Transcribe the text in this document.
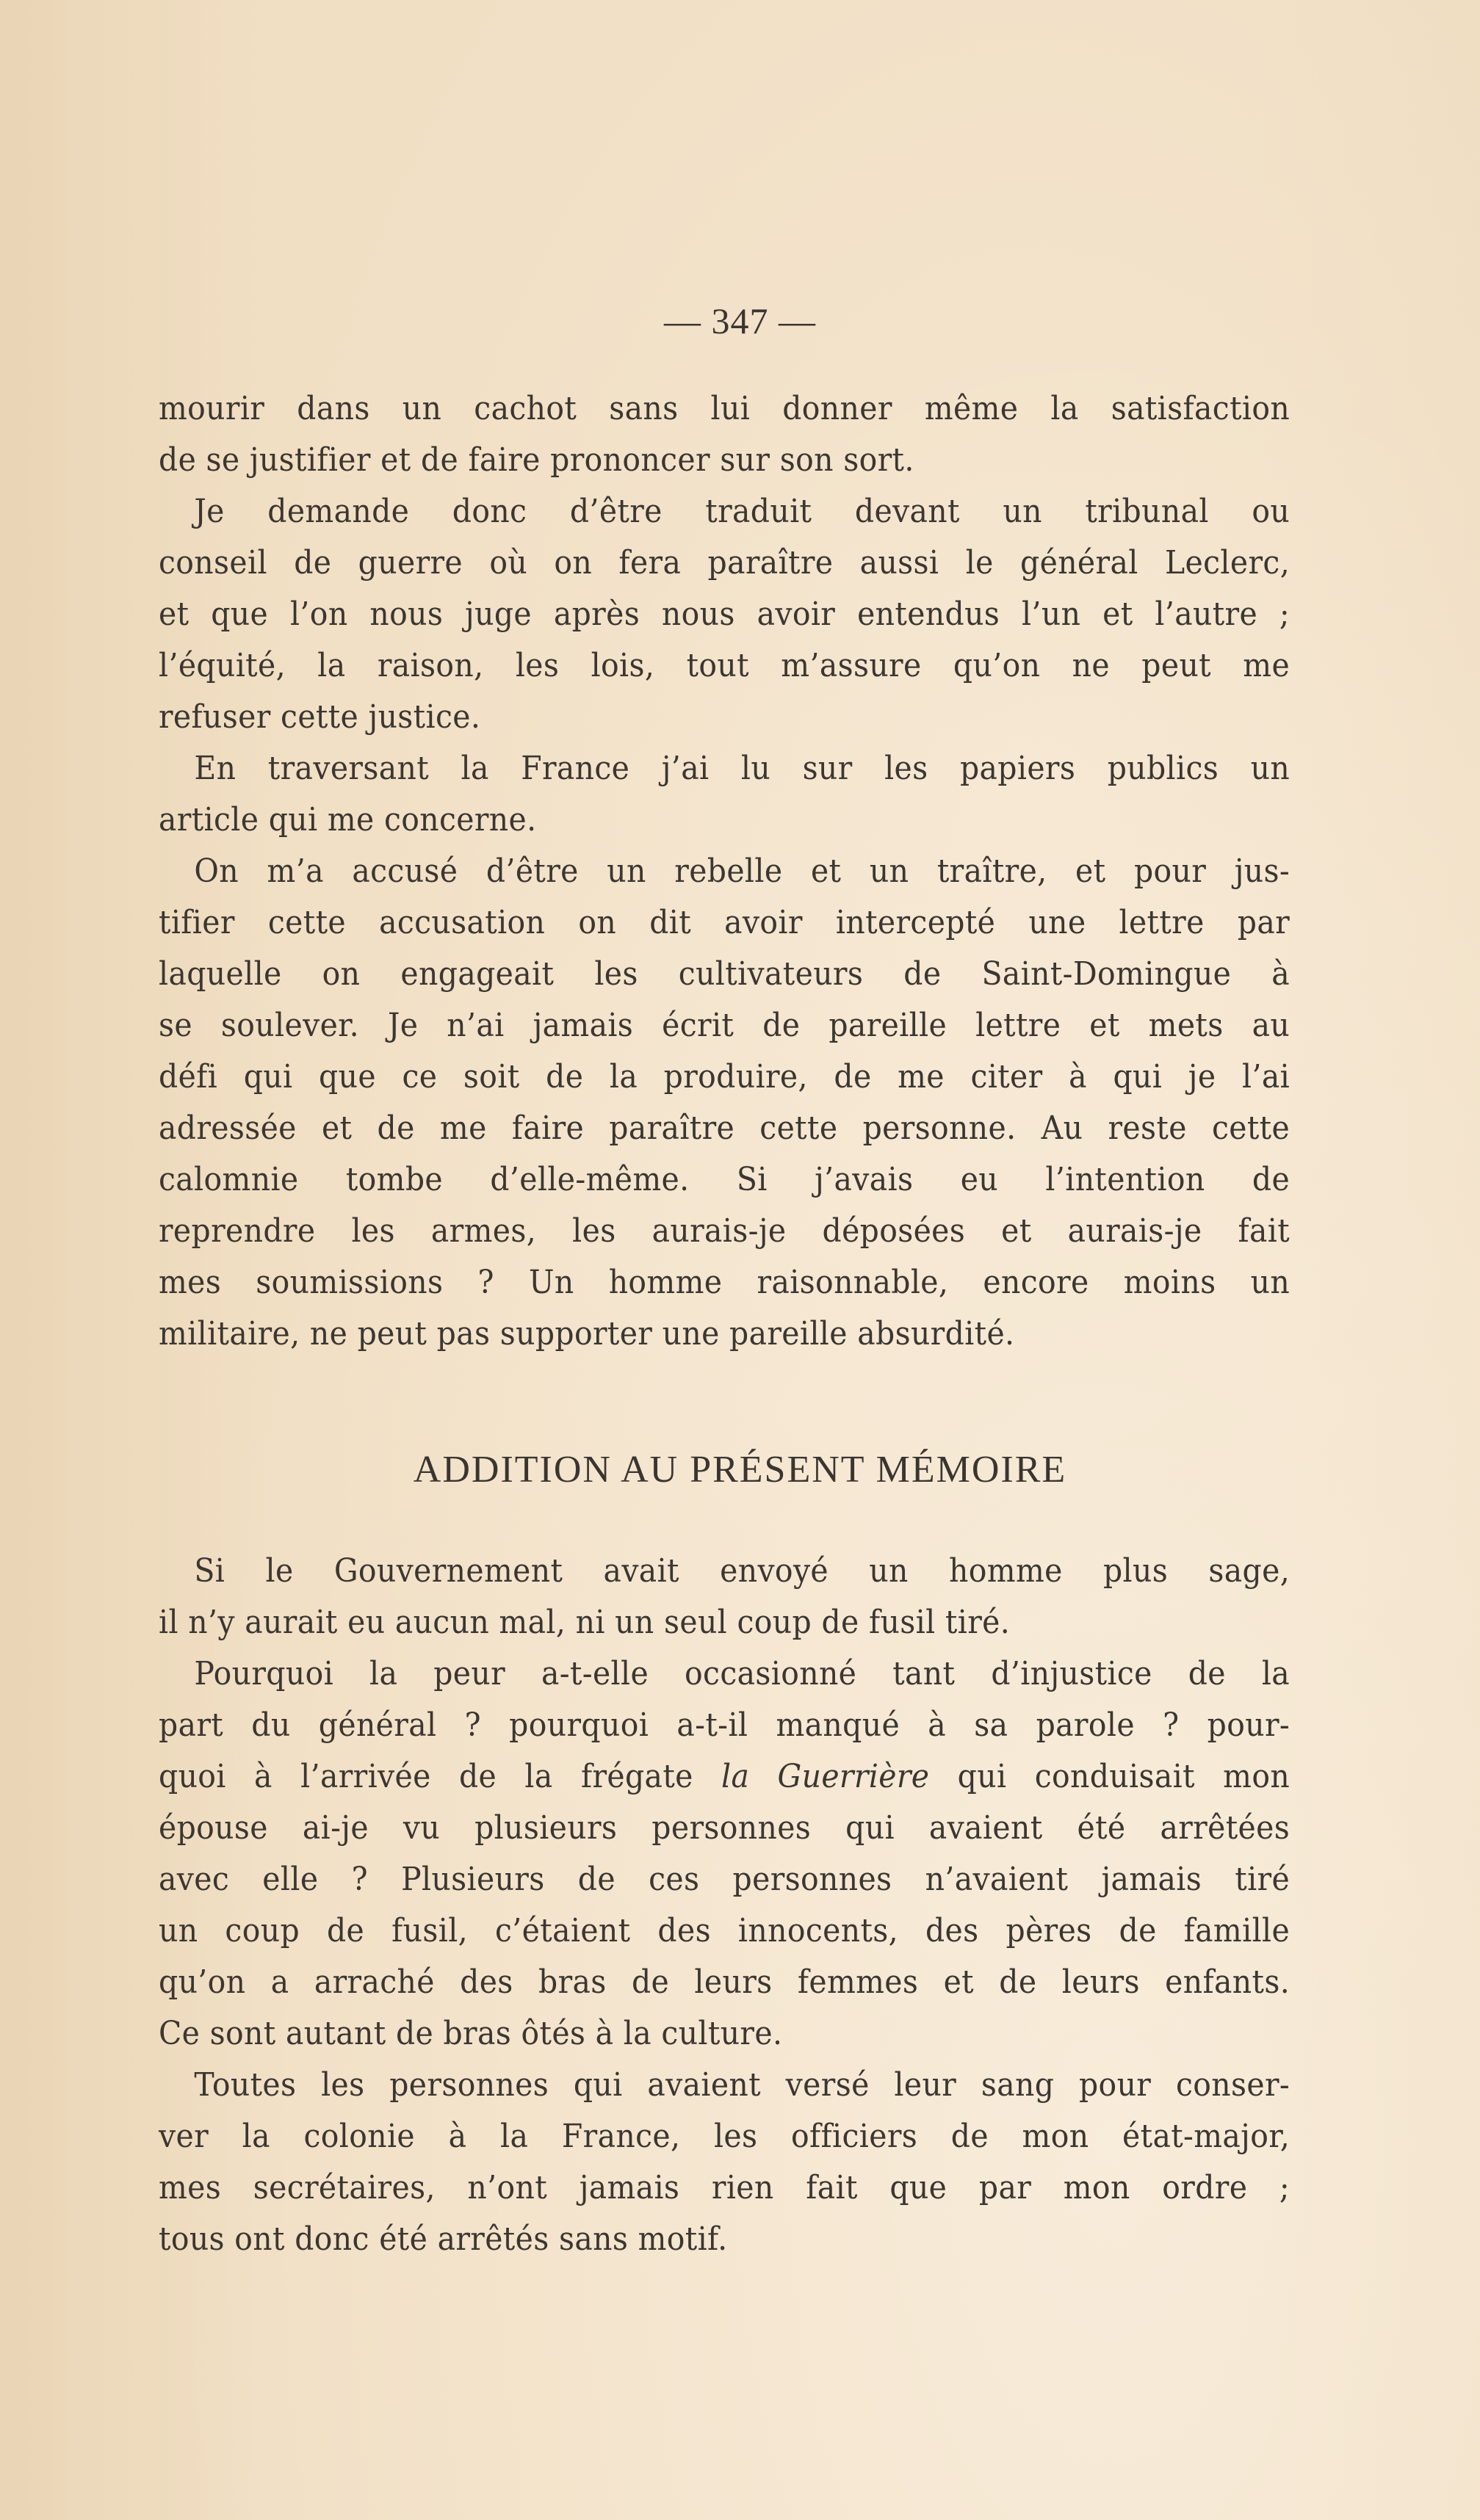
— 347 —
mourir dans un cachot sans lui donner même la satisfaction
de se justifier et de faire prononcer sur son sort.
Je demande donc d’être traduit devant un tribunal ou
conseil de guerre où on fera paraître aussi le général Leclerc,
et que l’on nous juge après nous avoir entendus l’un et l’autre ;
l’équité, la raison, les lois, tout m’assure qu’on ne peut me
refuser cette justice.
En traversant la France j’ai lu sur les papiers publics un
article qui me concerne.
On m’a accusé d’être un rebelle et un traître, et pour jus-
tifier cette accusation on dit avoir intercepté une lettre par
laquelle on engageait les cultivateurs de Saint-Domingue à
se soulever. Je n’ai jamais écrit de pareille lettre et mets au
défi qui que ce soit de la produire, de me citer à qui je l’ai
adressée et de me faire paraître cette personne. Au reste cette
calomnie tombe d’elle-même. Si j’avais eu l’intention de
reprendre les armes, les aurais-je déposées et aurais-je fait
mes soumissions ? Un homme raisonnable, encore moins un
militaire, ne peut pas supporter une pareille absurdité.
ADDITION AU PRÉSENT MÉMOIRE
Si le Gouvernement avait envoyé un homme plus sage,
il n’y aurait eu aucun mal, ni un seul coup de fusil tiré.
Pourquoi la peur a-t-elle occasionné tant d’injustice de la
part du général ? pourquoi a-t-il manqué à sa parole ? pour-
quoi à l’arrivée de la frégate la Guerrière qui conduisait mon
épouse ai-je vu plusieurs personnes qui avaient été arrêtées
avec elle ? Plusieurs de ces personnes n’avaient jamais tiré
un coup de fusil, c’étaient des innocents, des pères de famille
qu’on a arraché des bras de leurs femmes et de leurs enfants.
Ce sont autant de bras ôtés à la culture.
Toutes les personnes qui avaient versé leur sang pour conser-
ver la colonie à la France, les officiers de mon état-major,
mes secrétaires, n’ont jamais rien fait que par mon ordre ;
tous ont donc été arrêtés sans motif.
